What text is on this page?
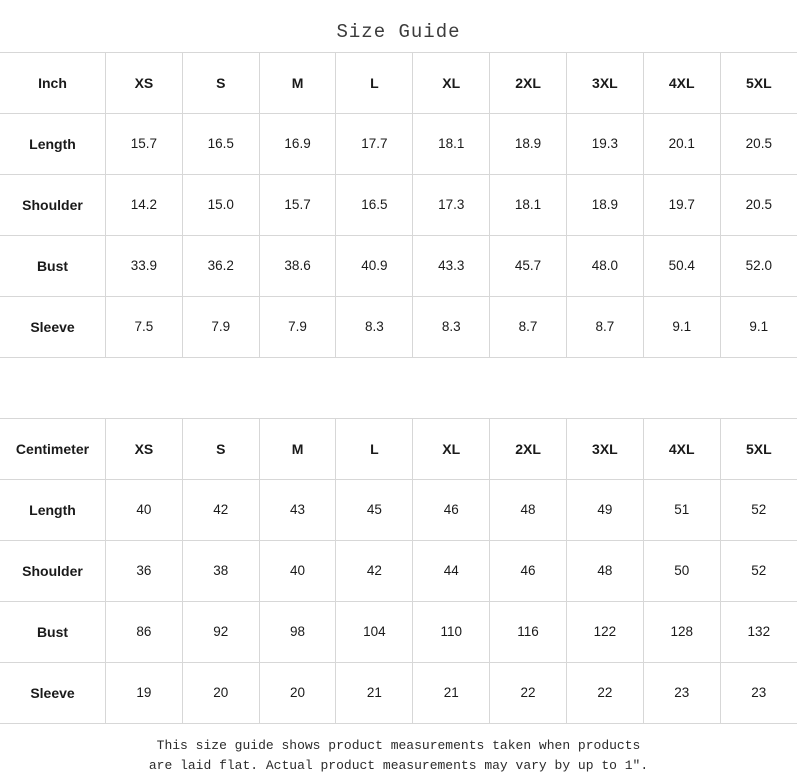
Size Guide
Inch	XS	S	M	L	XL	2XL	3XL	4XL	5XL
Length	15.7	16.5	16.9	17.7	18.1	18.9	19.3	20.1	20.5
Shoulder	14.2	15.0	15.7	16.5	17.3	18.1	18.9	19.7	20.5
Bust	33.9	36.2	38.6	40.9	43.3	45.7	48.0	50.4	52.0
Sleeve	7.5	7.9	7.9	8.3	8.3	8.7	8.7	9.1	9.1
Centimeter	XS	S	M	L	XL	2XL	3XL	4XL	5XL
Length	40	42	43	45	46	48	49	51	52
Shoulder	36	38	40	42	44	46	48	50	52
Bust	86	92	98	104	110	116	122	128	132
Sleeve	19	20	20	21	21	22	22	23	23
This size guide shows product measurements taken when products
are laid flat. Actual product measurements may vary by up to 1″.
